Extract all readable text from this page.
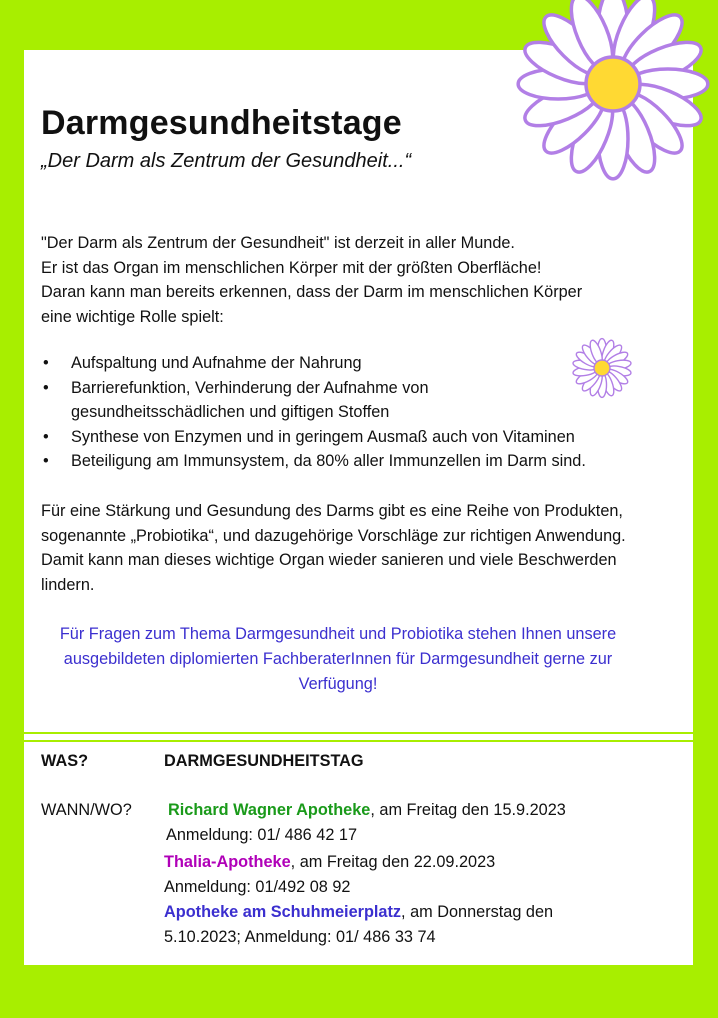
Darmgesundheitstage

„Der Darm als Zentrum der Gesundheit...“

"Der Darm als Zentrum der Gesundheit" ist derzeit in aller Munde.
Er ist das Organ im menschlichen Körper mit der größten Oberfläche!
Daran kann man bereits erkennen, dass der Darm im menschlichen Körper
eine wichtige Rolle spielt:

• Aufspaltung und Aufnahme der Nahrung
• Barrierefunktion, Verhinderung der Aufnahme von gesundheitsschädlichen und giftigen Stoffen
• Synthese von Enzymen und in geringem Ausmaß auch von Vitaminen
• Beteiligung am Immunsystem, da 80% aller Immunzellen im Darm sind.

Für eine Stärkung und Gesundung des Darms gibt es eine Reihe von Produkten, sogenannte „Probiotika“, und dazugehörige Vorschläge zur richtigen Anwendung. Damit kann man dieses wichtige Organ wieder sanieren und viele Beschwerden lindern.

Für Fragen zum Thema Darmgesundheit und Probiotika stehen Ihnen unsere ausgebildeten diplomierten FachberaterInnen für Darmgesundheit gerne zur Verfügung!

WAS?	DARMGESUNDHEITSTAG
WANN/WO? Richard Wagner Apotheke, am Freitag den 15.9.2023
Anmeldung: 01/ 486 42 17
Thalia-Apotheke, am Freitag den 22.09.2023
Anmeldung: 01/492 08 92
Apotheke am Schuhmeierplatz, am Donnerstag den
5.10.2023; Anmeldung: 01/ 486 33 74
